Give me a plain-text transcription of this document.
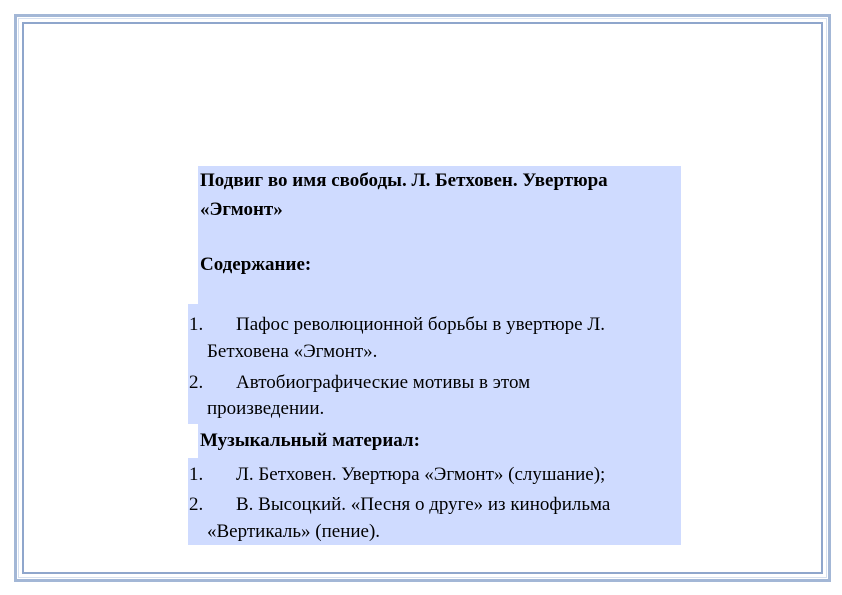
Подвиг во имя свободы. Л. Бетховен. Увертюра
«Эгмонт»
Содержание:
1. Пафос революционной борьбы в увертюре Л.
Бетховена «Эгмонт».
2. Автобиографические мотивы в этом
произведении.
Музыкальный материал:
1. Л. Бетховен. Увертюра «Эгмонт» (слушание);
2. В. Высоцкий. «Песня о друге» из кинофильма
«Вертикаль» (пение).
